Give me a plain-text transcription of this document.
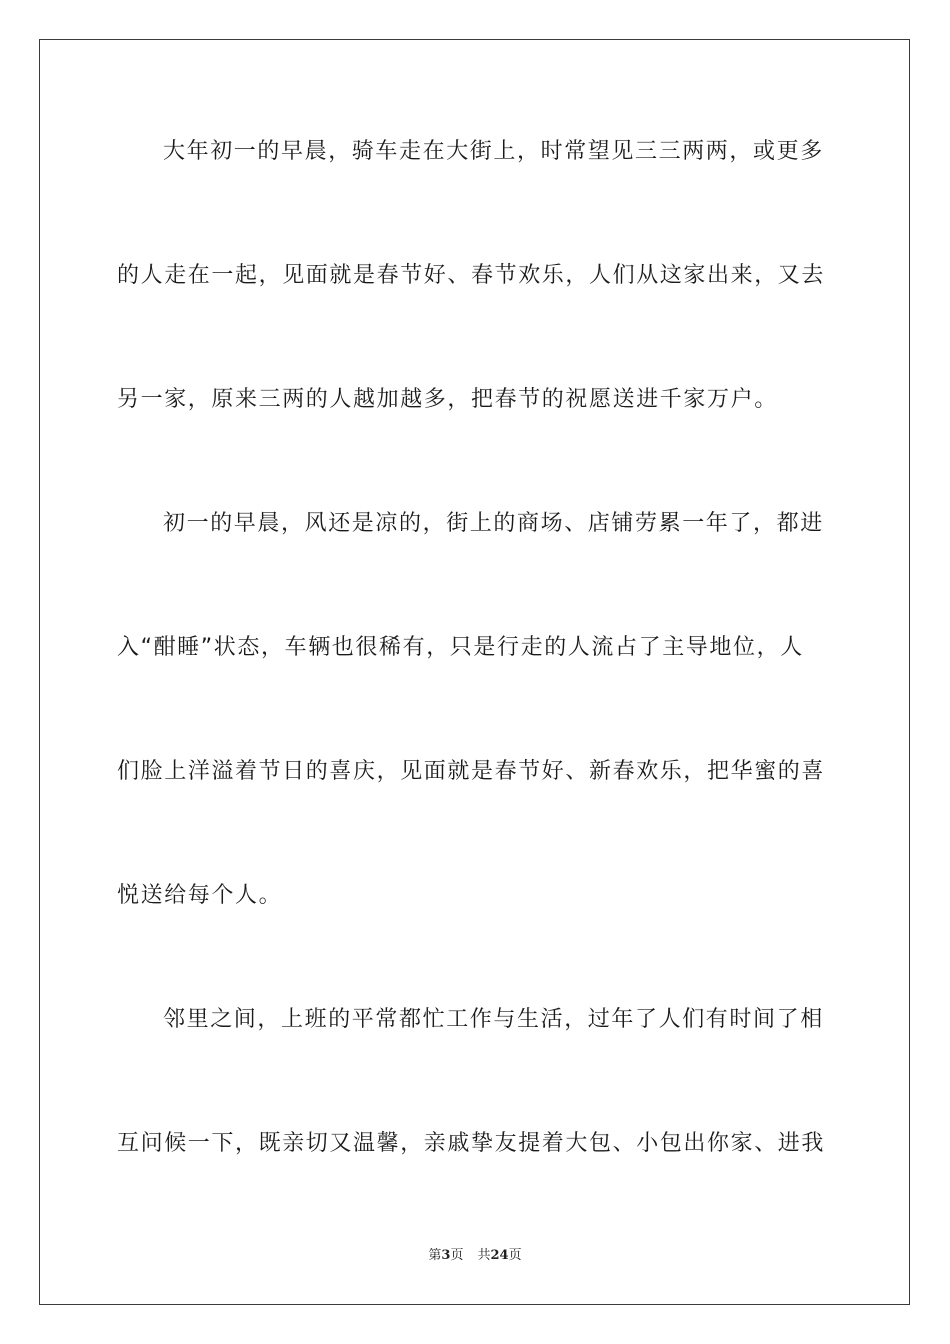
大年初一的早晨，骑车走在大街上，时常望见三三两两，或更多
的人走在一起，见面就是春节好、春节欢乐，人们从这家出来，又去
另一家，原来三两的人越加越多，把春节的祝愿送进千家万户。
初一的早晨，风还是凉的，街上的商场、店铺劳累一年了，都进
入“酣睡”状态，车辆也很稀有，只是行走的人流占了主导地位，人
们脸上洋溢着节日的喜庆，见面就是春节好、新春欢乐，把华蜜的喜
悦送给每个人。
邻里之间，上班的平常都忙工作与生活，过年了人们有时间了相
互问候一下，既亲切又温馨，亲戚挚友提着大包、小包出你家、进我
第3页 共24页
